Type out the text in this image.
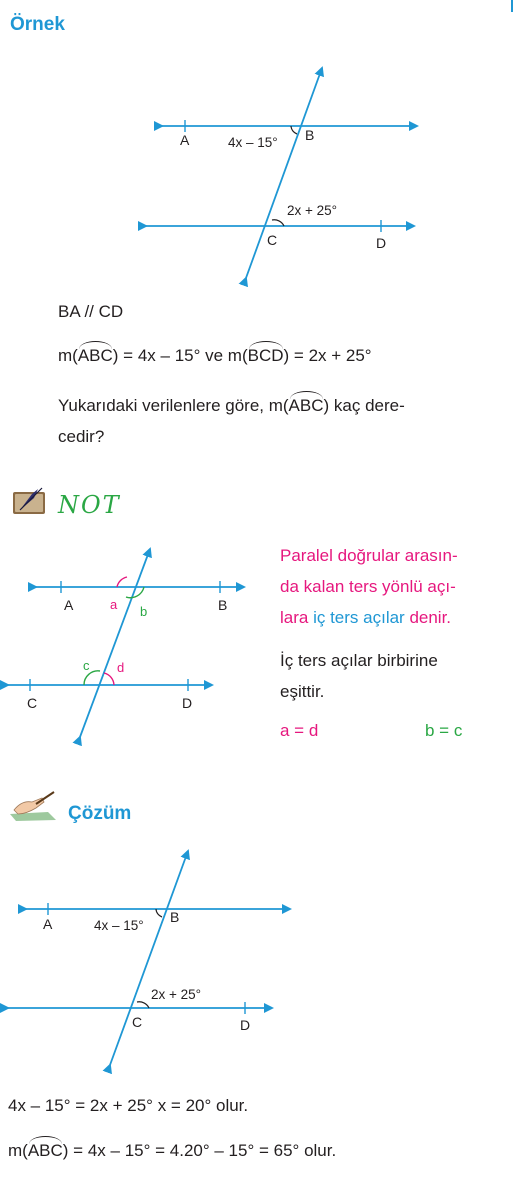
Örnek
A	B
C	D
4x – 15°
2x + 25°
BA // CD
m(ABC) = 4x – 15° ve m(BCD) = 2x + 25°
Yukarıdaki verilenlere göre, m(ABC) kaç dere-
cedir?
NOT
A	B
C	D
a b
c d
Paralel doğrular arasın-
da kalan ters yönlü açı-
lara iç ters açılar denir.
İç ters açılar birbirine
eşittir.
a = d	b = c
Çözüm
A	B
C	D
4x – 15°
2x + 25°
4x – 15° = 2x + 25° x = 20° olur.
m(ABC) = 4x – 15° = 4.20° – 15° = 65° olur.
